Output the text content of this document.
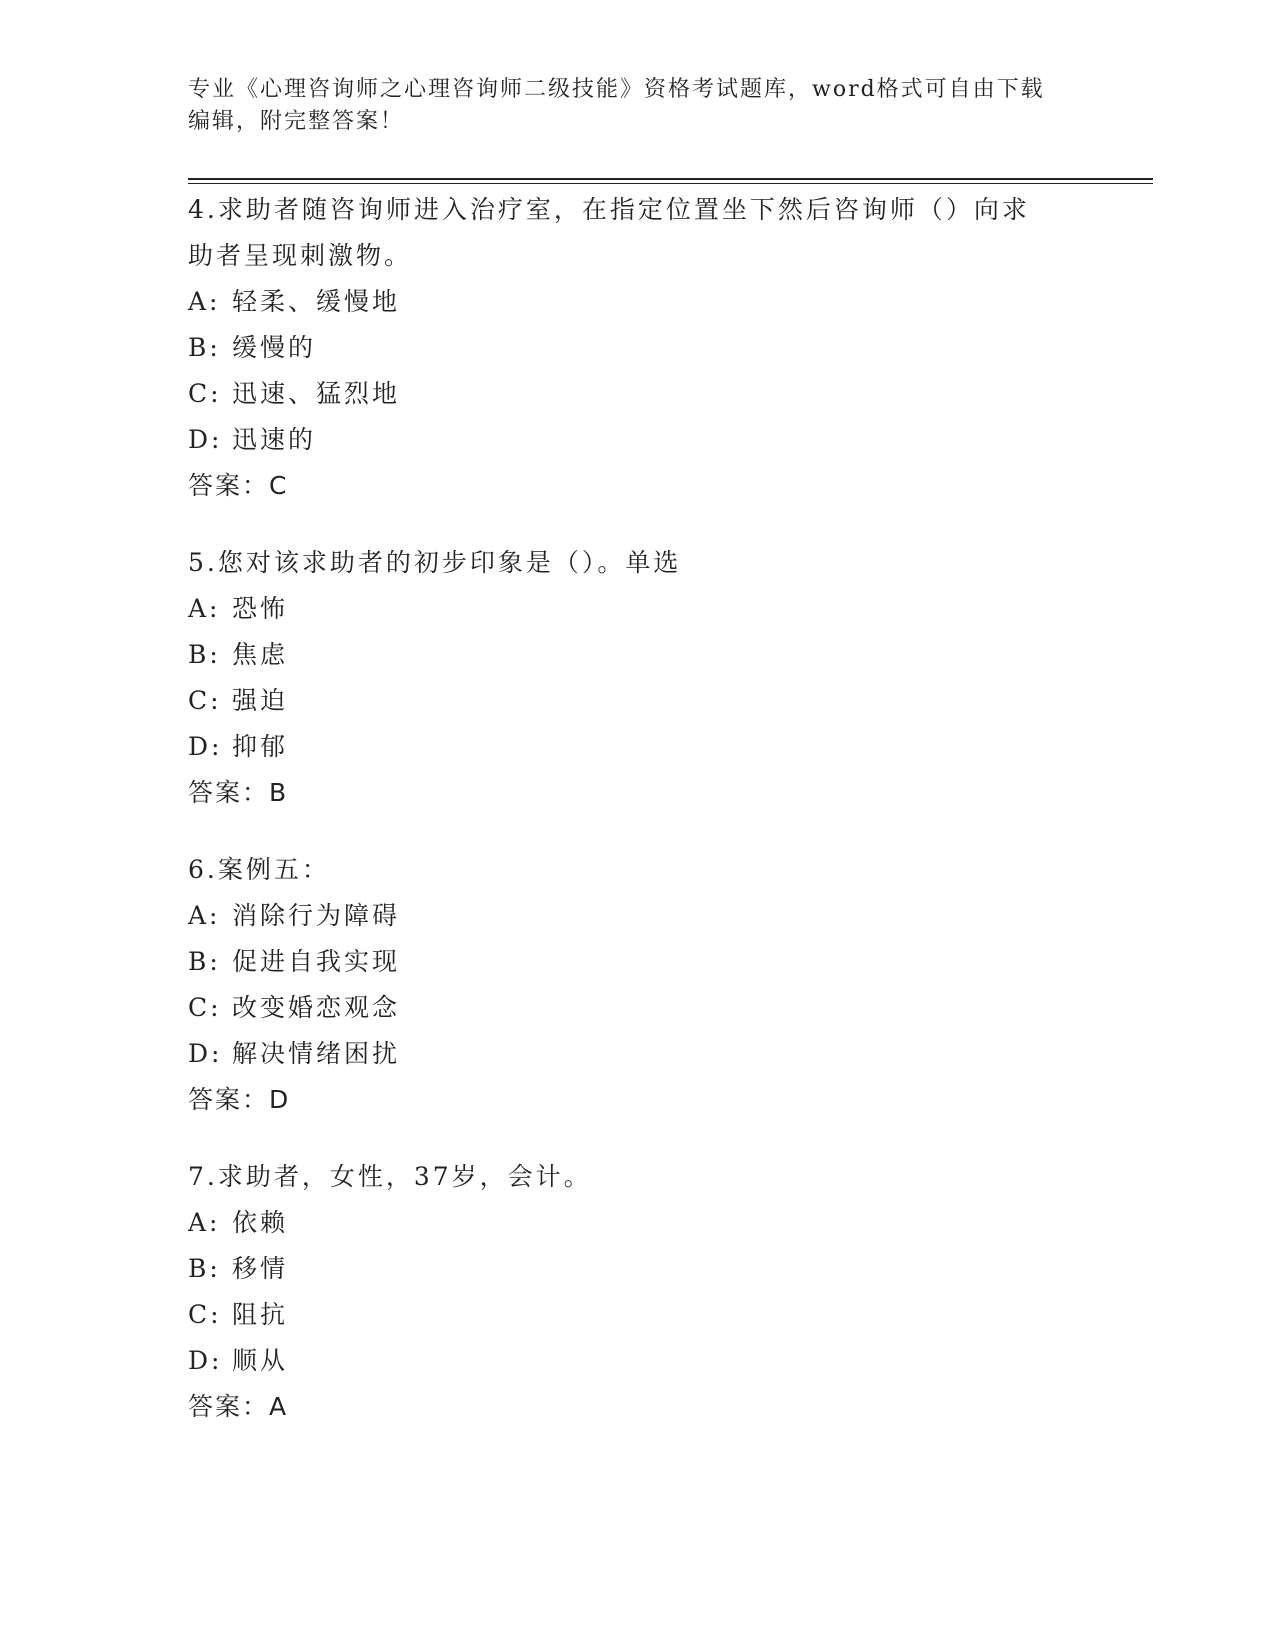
专业《心理咨询师之心理咨询师二级技能》资格考试题库，word格式可自由下载
编辑，附完整答案！
4.求助者随咨询师进入治疗室，在指定位置坐下然后咨询师（）向求
助者呈现刺激物。
A: 轻柔、缓慢地
B: 缓慢的
C: 迅速、猛烈地
D: 迅速的
答案：C
5.您对该求助者的初步印象是（）。单选
A: 恐怖
B: 焦虑
C: 强迫
D: 抑郁
答案：B
6.案例五：
A: 消除行为障碍
B: 促进自我实现
C: 改变婚恋观念
D: 解决情绪困扰
答案：D
7.求助者，女性，37岁，会计。
A: 依赖
B: 移情
C: 阻抗
D: 顺从
答案：A
